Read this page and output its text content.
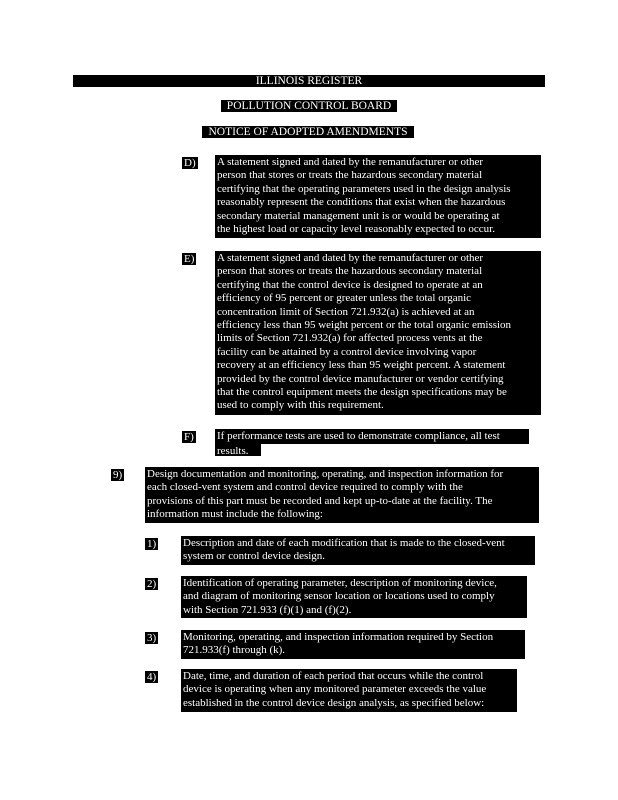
ILLINOIS REGISTER
POLLUTION CONTROL BOARD
NOTICE OF ADOPTED AMENDMENTS
D) A statement signed and dated by the remanufacturer or other
person that stores or treats the hazardous secondary material
certifying that the operating parameters used in the design analysis
reasonably represent the conditions that exist when the hazardous
secondary material management unit is or would be operating at
the highest load or capacity level reasonably expected to occur.
E) A statement signed and dated by the remanufacturer or other
person that stores or treats the hazardous secondary material
certifying that the control device is designed to operate at an
efficiency of 95 percent or greater unless the total organic
concentration limit of Section 721.932(a) is achieved at an
efficiency less than 95 weight percent or the total organic emission
limits of Section 721.932(a) for affected process vents at the
facility can be attained by a control device involving vapor
recovery at an efficiency less than 95 weight percent. A statement
provided by the control device manufacturer or vendor certifying
that the control equipment meets the design specifications may be
used to comply with this requirement.
F) If performance tests are used to demonstrate compliance, all test
results.
9) Design documentation and monitoring, operating, and inspection information for
each closed-vent system and control device required to comply with the
provisions of this part must be recorded and kept up-to-date at the facility. The
information must include the following:
1) Description and date of each modification that is made to the closed-vent
system or control device design.
2) Identification of operating parameter, description of monitoring device,
and diagram of monitoring sensor location or locations used to comply
with Section 721.933 (f)(1) and (f)(2).
3) Monitoring, operating, and inspection information required by Section
721.933(f) through (k).
4) Date, time, and duration of each period that occurs while the control
device is operating when any monitored parameter exceeds the value
established in the control device design analysis, as specified below:
